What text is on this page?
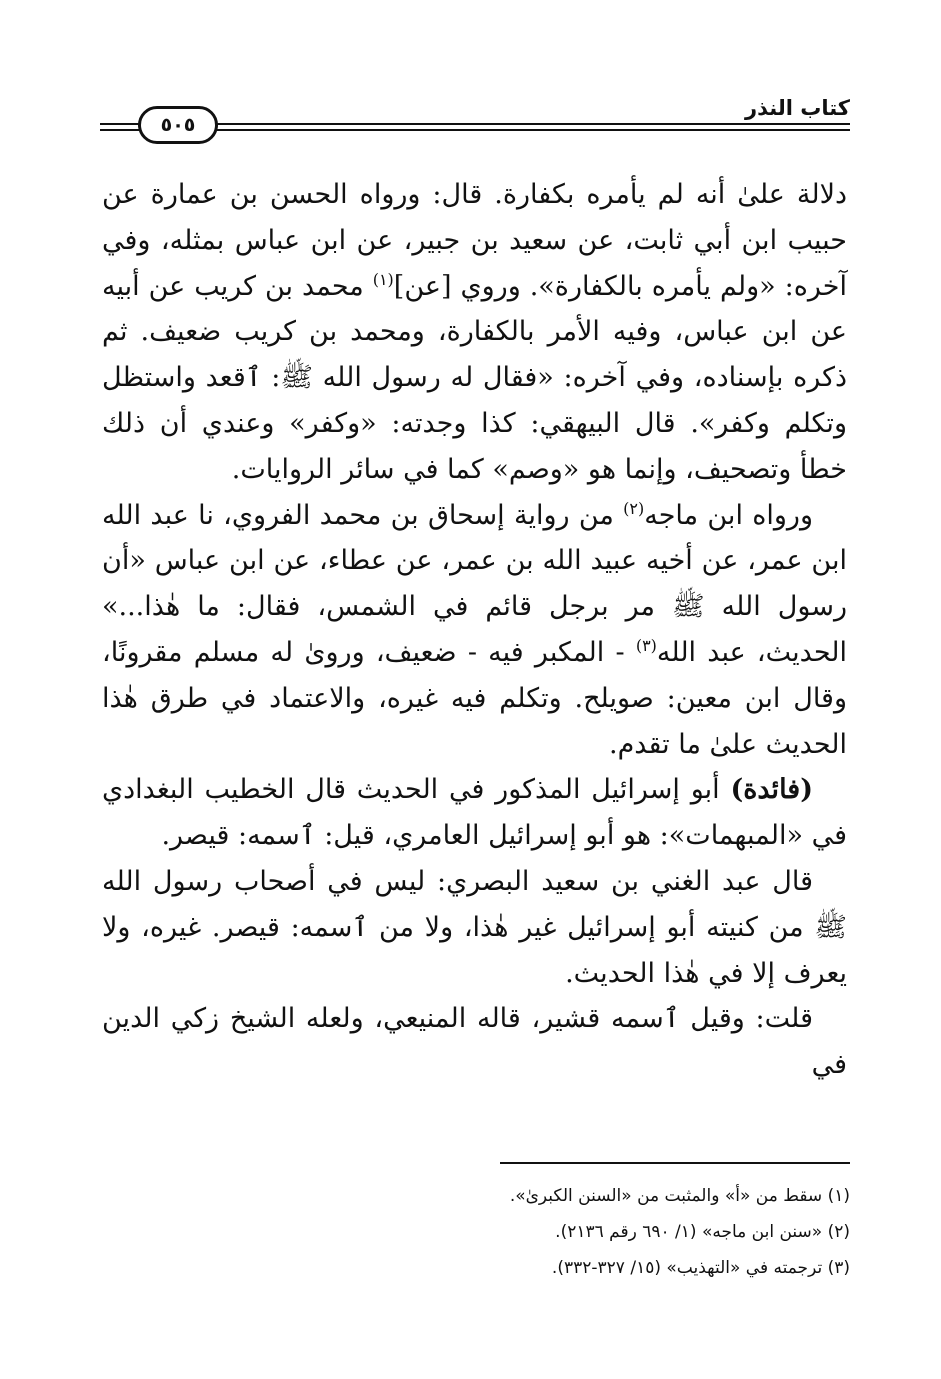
كتاب النذر
٥٠٥

دلالة علىٰ أنه لم يأمره بكفارة. قال: ورواه الحسن بن عمارة عن حبيب ابن أبي ثابت، عن سعيد بن جبير، عن ابن عباس بمثله، وفي آخره: «ولم يأمره بالكفارة». وروي [عن]$^{(١)}$ محمد بن كريب عن أبيه عن ابن عباس، وفيه الأمر بالكفارة، ومحمد بن كريب ضعيف. ثم ذكره بإسناده، وفي آخره: «فقال له رسول الله ﷺ: ٱقعد واستظل وتكلم وكفر». قال البيهقي: كذا وجدته: «وكفر» وعندي أن ذلك خطأ وتصحيف، وإنما هو «وصم» كما في سائر الروايات.

ورواه ابن ماجه$^{(٢)}$ من رواية إسحاق بن محمد الفروي، نا عبد الله ابن عمر، عن أخيه عبيد الله بن عمر، عن عطاء، عن ابن عباس «أن رسول الله ﷺ مر برجل قائم في الشمس، فقال: ما هٰذا...» الحديث، عبد الله$^{(٣)}$ - المكبر فيه - ضعيف، ورویٰ له مسلم مقرونًا، وقال ابن معين: صويلح. وتكلم فيه غيره، والاعتماد في طرق هٰذا الحديث علىٰ ما تقدم.

(فائدة) أبو إسرائيل المذكور في الحديث قال الخطيب البغدادي في «المبهمات»: هو أبو إسرائيل العامري، قيل: ٱسمه: قيصر.

قال عبد الغني بن سعيد البصري: ليس في أصحاب رسول الله ﷺ من كنيته أبو إسرائيل غير هٰذا، ولا من ٱسمه: قيصر. غيره، ولا يعرف إلا في هٰذا الحديث.

قلت: وقيل ٱسمه قشير، قاله المنيعي، ولعله الشيخ زكي الدين في

(١) سقط من «أ» والمثبت من «السنن الكبرىٰ».

(٢) «سنن ابن ماجه» (١/ ٦٩٠ رقم ٢١٣٦).

(٣) ترجمته في «التهذيب» (١٥/ ٣٢٧-٣٣٢).
